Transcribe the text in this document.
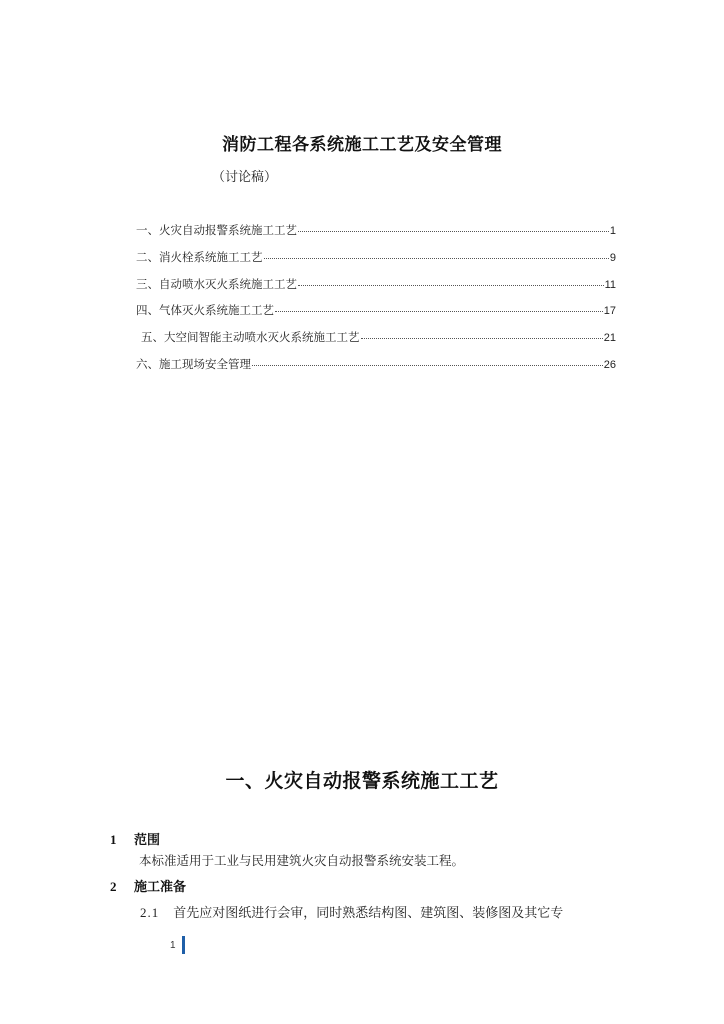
消防工程各系统施工工艺及安全管理
（讨论稿）
一、火灾自动报警系统施工工艺	1
二、消火栓系统施工工艺	9
三、自动喷水灭火系统施工工艺	11
四、气体灭火系统施工工艺	17
五、大空间智能主动喷水灭火系统施工工艺	21
六、施工现场安全管理	26
一、火灾自动报警系统施工工艺
1 范围
本标准适用于工业与民用建筑火灾自动报警系统安装工程。
2 施工准备
2.1 首先应对图纸进行会审，同时熟悉结构图、建筑图、装修图及其它专
1
